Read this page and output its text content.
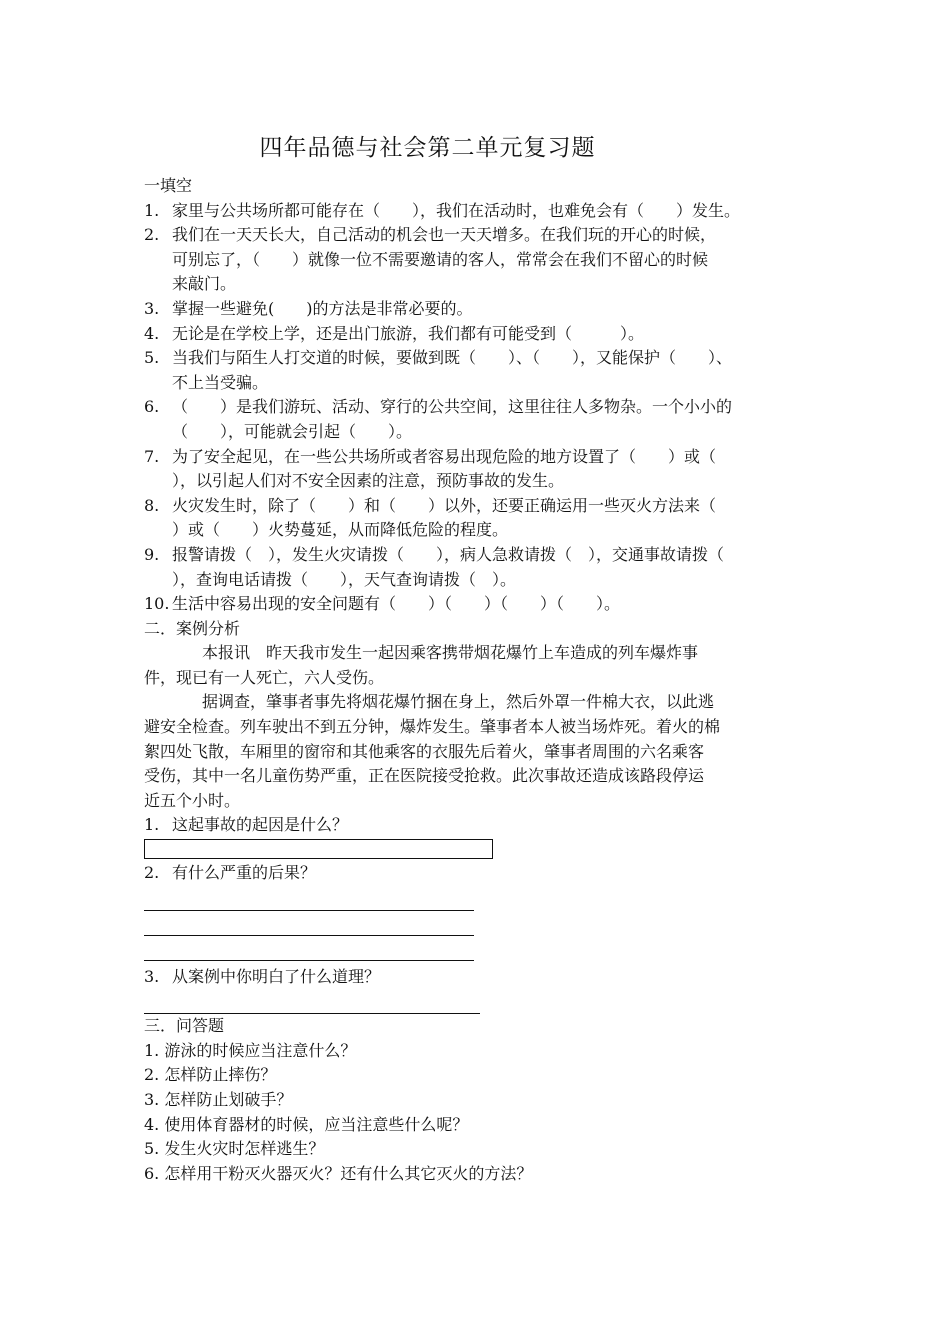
四年品德与社会第二单元复习题
一填空
1. 家里与公共场所都可能存在（　　），我们在活动时，也难免会有（　　）发生。
2. 我们在一天天长大，自己活动的机会也一天天增多。在我们玩的开心的时候，
可别忘了，（　　）就像一位不需要邀请的客人，常常会在我们不留心的时候
来敲门。
3. 掌握一些避免(　　)的方法是非常必要的。
4. 无论是在学校上学，还是出门旅游，我们都有可能受到（　　　）。
5. 当我们与陌生人打交道的时候，要做到既（　　）、（　　），又能保护（　　）、
不上当受骗。
6. （　　）是我们游玩、活动、穿行的公共空间，这里往往人多物杂。一个小小的
（　　），可能就会引起（　　）。
7. 为了安全起见，在一些公共场所或者容易出现危险的地方设置了（　　）或（
），以引起人们对不安全因素的注意，预防事故的发生。
8. 火灾发生时，除了（　　）和（　　）以外，还要正确运用一些灭火方法来（
）或（　　）火势蔓延，从而降低危险的程度。
9. 报警请拨（　），发生火灾请拨（　　），病人急救请拨（　），交通事故请拨（
），查询电话请拨（　　），天气查询请拨（　）。
10. 生活中容易出现的安全问题有（　　）（　　）（　　）（　　）。
二．案例分析
本报讯　昨天我市发生一起因乘客携带烟花爆竹上车造成的列车爆炸事
件，现已有一人死亡，六人受伤。
据调查，肇事者事先将烟花爆竹捆在身上，然后外罩一件棉大衣，以此逃
避安全检查。列车驶出不到五分钟，爆炸发生。肇事者本人被当场炸死。着火的棉
絮四处飞散，车厢里的窗帘和其他乘客的衣服先后着火，肇事者周围的六名乘客
受伤，其中一名儿童伤势严重，正在医院接受抢救。此次事故还造成该路段停运
近五个小时。
1. 这起事故的起因是什么？
2. 有什么严重的后果？
3. 从案例中你明白了什么道理？
三．问答题
1. 游泳的时候应当注意什么？
2. 怎样防止摔伤？
3. 怎样防止划破手？
4. 使用体育器材的时候，应当注意些什么呢？
5. 发生火灾时怎样逃生？
6. 怎样用干粉灭火器灭火？还有什么其它灭火的方法？
